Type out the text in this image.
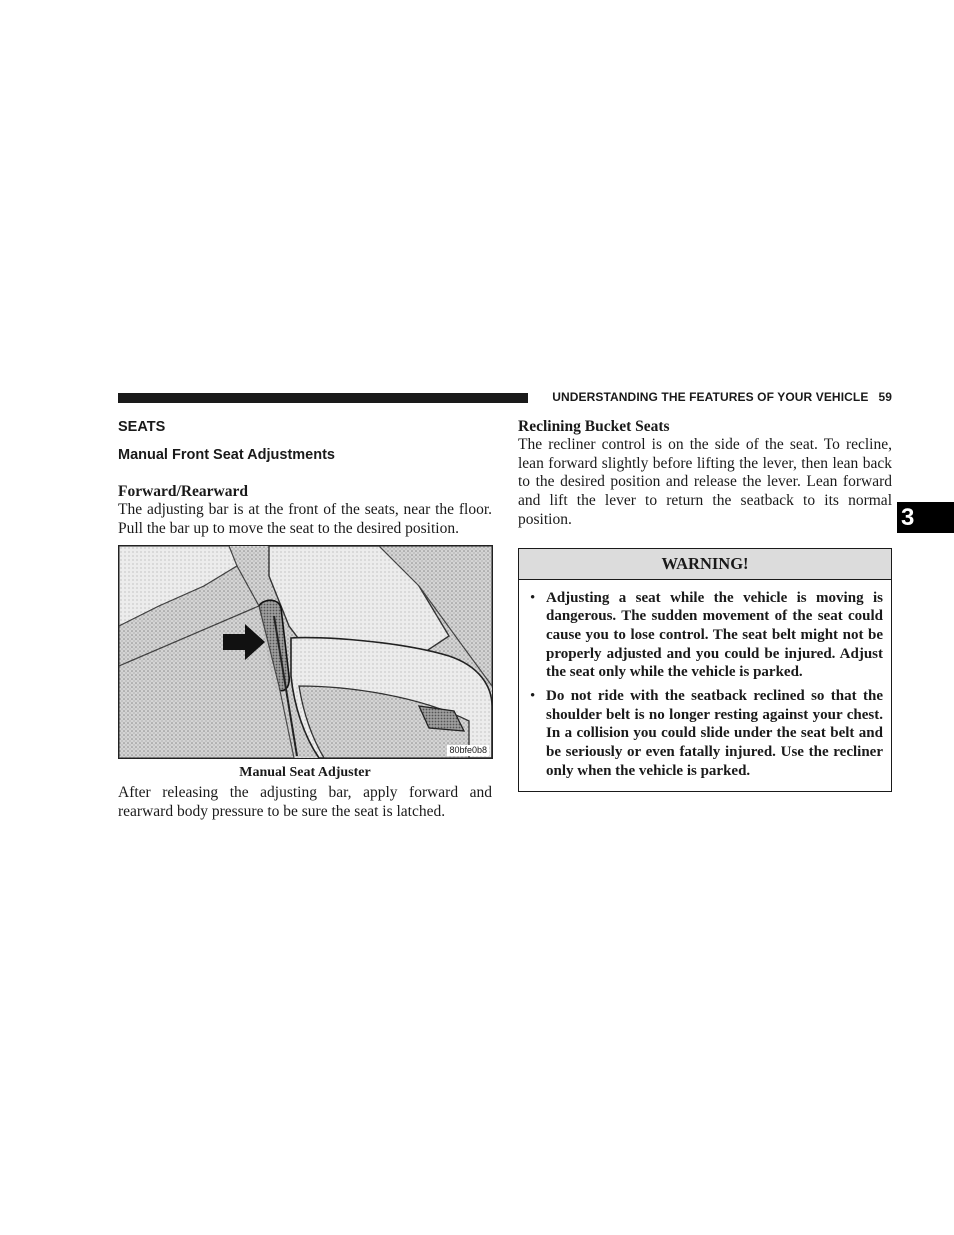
UNDERSTANDING THE FEATURES OF YOUR VEHICLE 59
3
SEATS
Manual Front Seat Adjustments
Forward/Rearward

The adjusting bar is at the front of the seats, near the floor. Pull the bar up to move the seat to the desired position.

80bfe0b8
Manual Seat Adjuster

After releasing the adjusting bar, apply forward and rearward body pressure to be sure the seat is latched.

Reclining Bucket Seats

The recliner control is on the side of the seat. To recline, lean forward slightly before lifting the lever, then lean back to the desired position and release the lever. Lean forward and lift the lever to return the seatback to its normal position.

WARNING!
• Adjusting a seat while the vehicle is moving is dangerous. The sudden movement of the seat could cause you to lose control. The seat belt might not be properly adjusted and you could be injured. Adjust the seat only while the vehicle is parked.
• Do not ride with the seatback reclined so that the shoulder belt is no longer resting against your chest. In a collision you could slide under the seat belt and be seriously or even fatally injured. Use the recliner only when the vehicle is parked.
